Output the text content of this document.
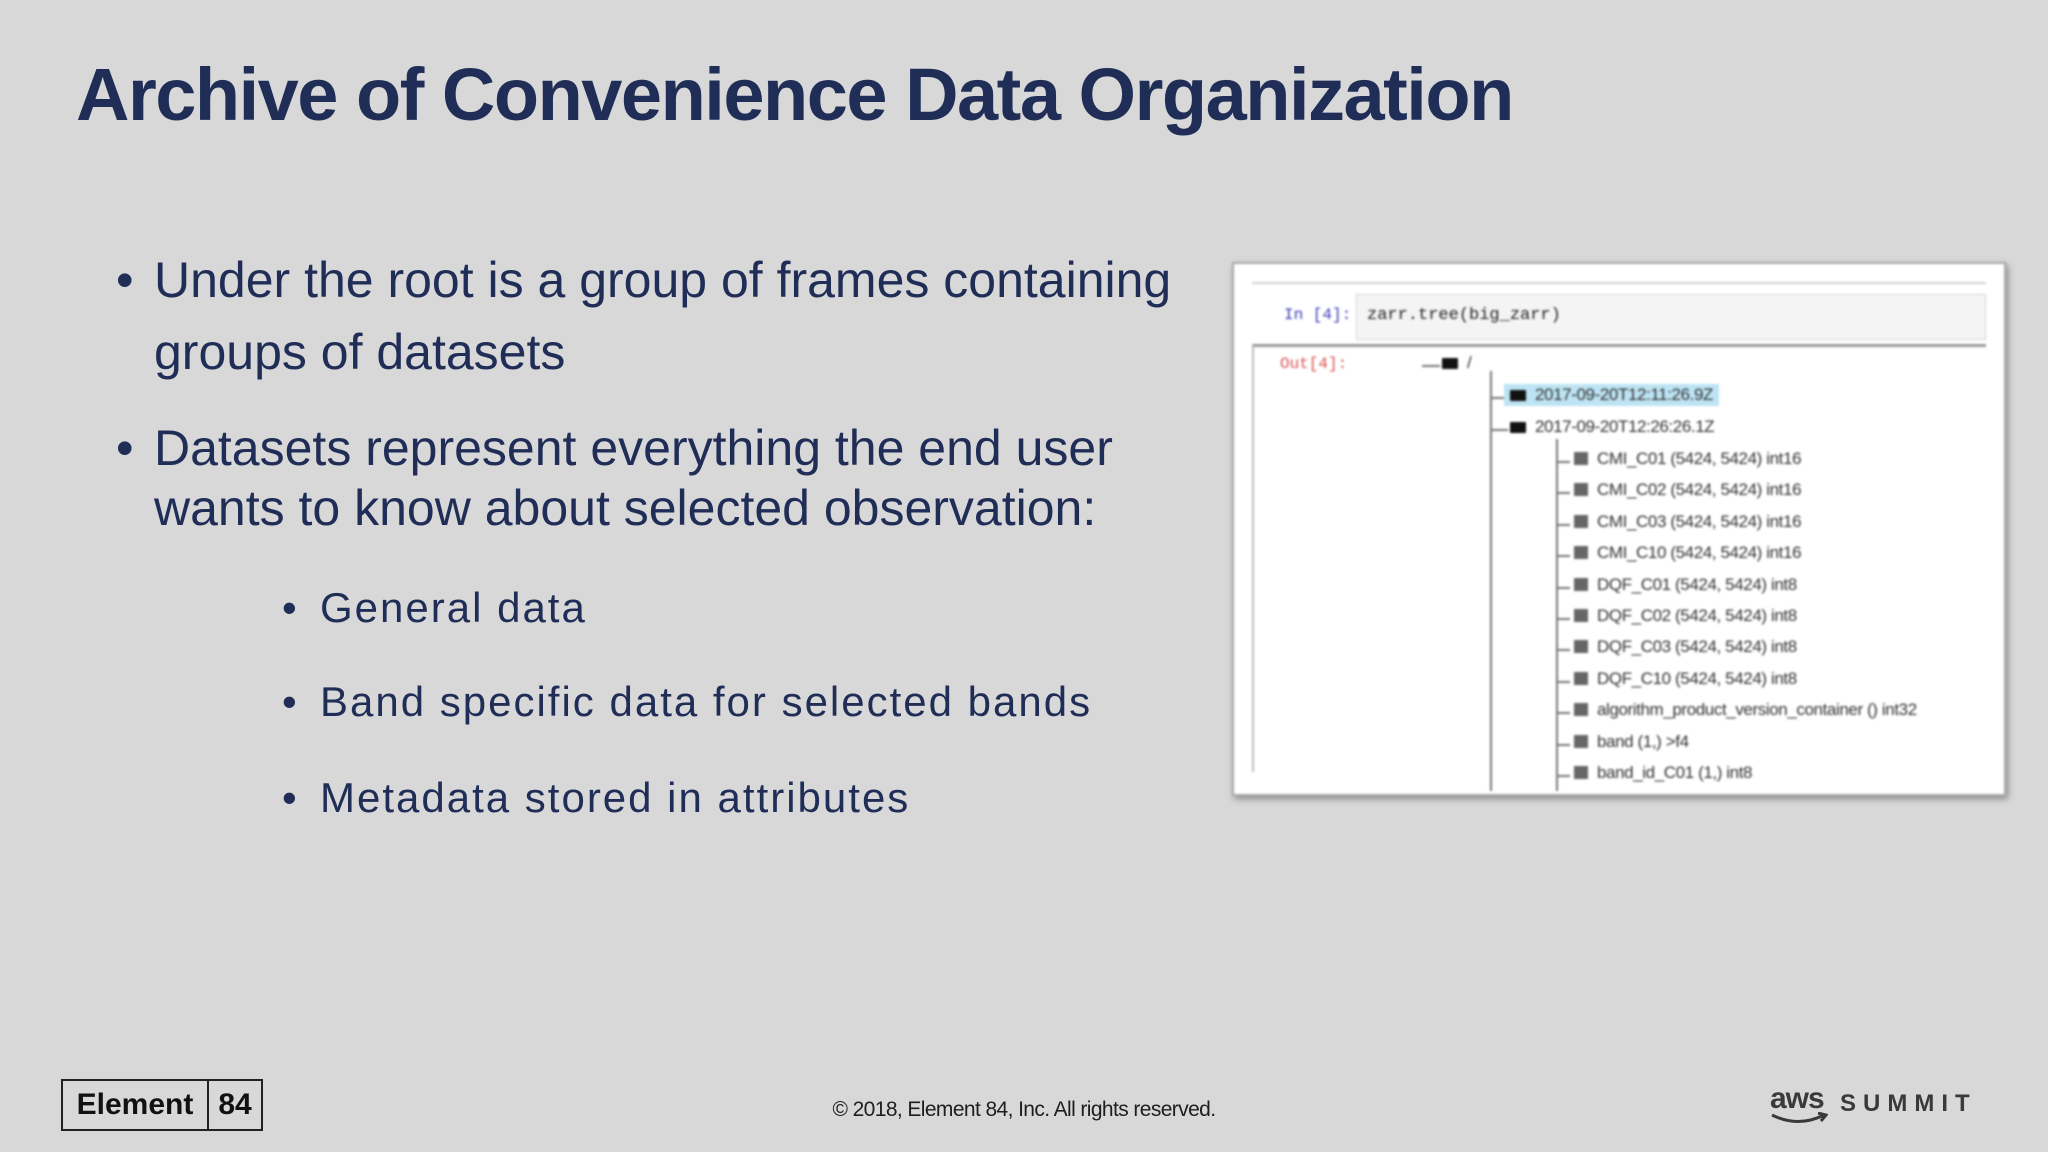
Archive of Convenience Data Organization
• Under the root is a group of frames containing groups of datasets
• Datasets represent everything the end user wants to know about selected observation:
• General data
• Band specific data for selected bands
• Metadata stored in attributes
In [4]: zarr.tree(big_zarr)
Out[4]:	/
2017-09-20T12:11:26.9Z
2017-09-20T12:26:26.1Z
CMI_C01 (5424, 5424) int16
CMI_C02 (5424, 5424) int16
CMI_C03 (5424, 5424) int16
CMI_C10 (5424, 5424) int16
DQF_C01 (5424, 5424) int8
DQF_C02 (5424, 5424) int8
DQF_C03 (5424, 5424) int8
DQF_C10 (5424, 5424) int8
algorithm_product_version_container () int32
band (1,) >f4
band_id_C01 (1,) int8
Element 84	© 2018, Element 84, Inc. All rights reserved.	aws SUMMIT
